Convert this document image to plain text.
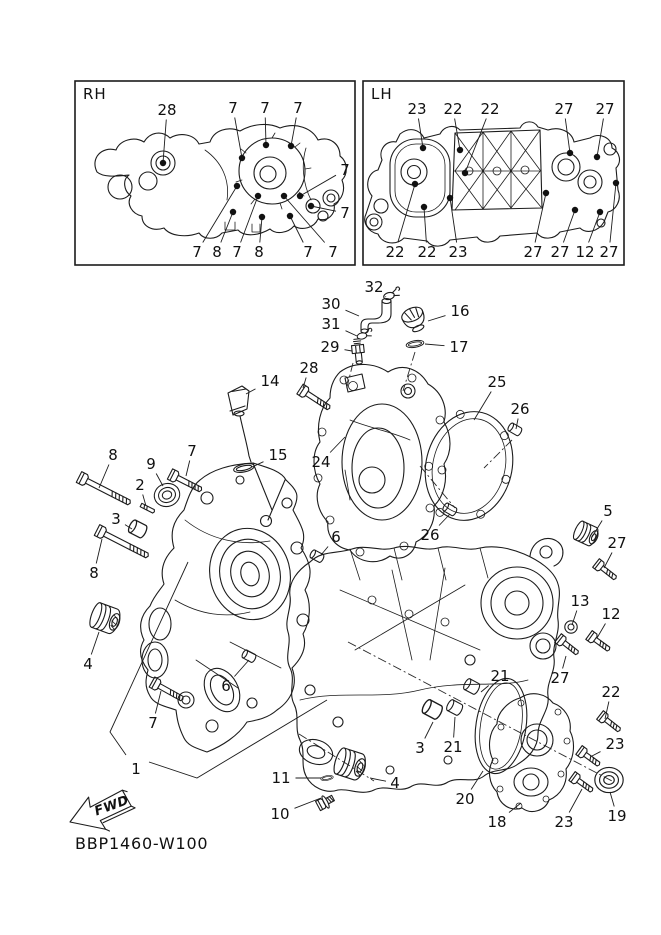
RH
28	7 7 7
7
7
7 8 7 8	7 7
LH
23 22 22	27 27
22 22 23	27 27 12 27
32
30
31
29
16
17
28
14
24
25
26
26
15
8 9
7
2
3
8
4
6
6
7
1
5
27
13
12
27
22
23
19
23
18
20
21
21
3
11
10
4
FWD
BBP1460-W100
